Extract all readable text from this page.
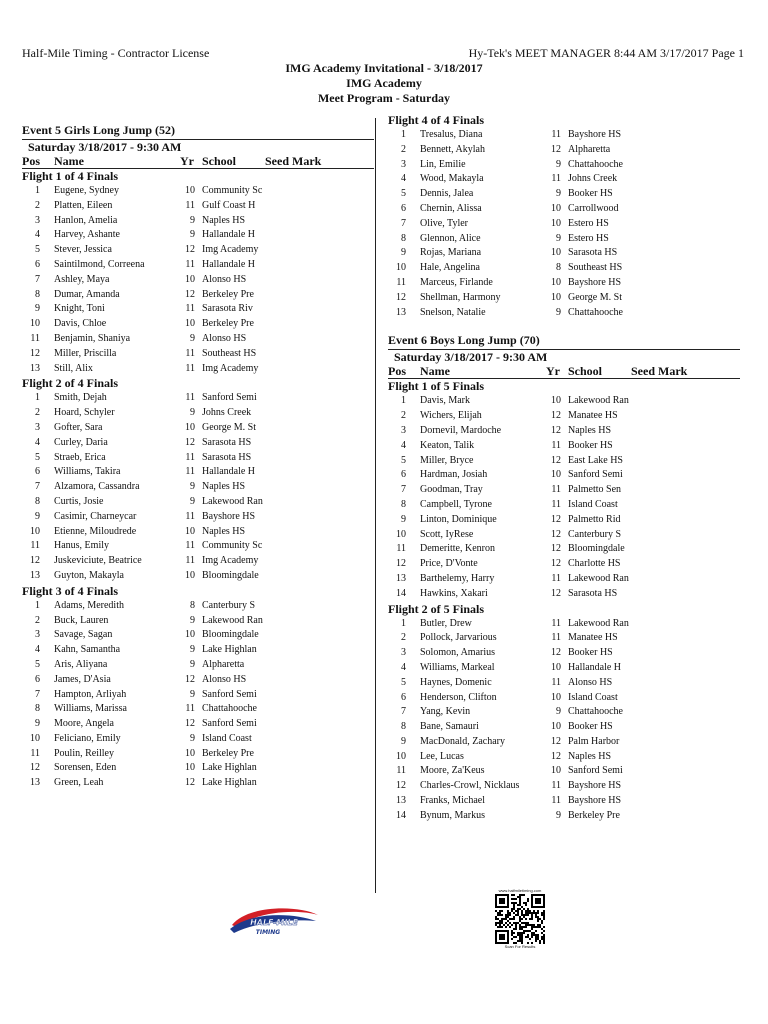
Half-Mile Timing - Contractor License	Hy-Tek's MEET MANAGER 8:44 AM 3/17/2017 Page 1
IMG Academy Invitational - 3/18/2017
IMG Academy
Meet Program - Saturday
Event 5 Girls Long Jump (52)
Saturday 3/18/2017 - 9:30 AM
Pos Name	Yr School Seed Mark
Flight 1 of 4 Finals
1 Eugene, Sydney	10 Community Sc
2 Platten, Eileen	11 Gulf Coast H
3 Hanlon, Amelia	9 Naples HS
4 Harvey, Ashante	9 Hallandale H
5 Stever, Jessica	12 Img Academy
6 Saintilmond, Correena	11 Hallandale H
7 Ashley, Maya	10 Alonso HS
8 Dumar, Amanda	12 Berkeley Pre
9 Knight, Toni	11 Sarasota Riv
10 Davis, Chloe	10 Berkeley Pre
11 Benjamin, Shaniya	9 Alonso HS
12 Miller, Priscilla	11 Southeast HS
13 Still, Alix	11 Img Academy
Flight 2 of 4 Finals
1 Smith, Dejah	11 Sanford Semi
2 Hoard, Schyler	9 Johns Creek
3 Gofter, Sara	10 George M. St
4 Curley, Daria	12 Sarasota HS
5 Straeb, Erica	11 Sarasota HS
6 Williams, Takira	11 Hallandale H
7 Alzamora, Cassandra	9 Naples HS
8 Curtis, Josie	9 Lakewood Ran
9 Casimir, Charneycar	11 Bayshore HS
10 Etienne, Miloudrede	10 Naples HS
11 Hanus, Emily	11 Community Sc
12 Juskeviciute, Beatrice	11 Img Academy
13 Guyton, Makayla	10 Bloomingdale
Flight 3 of 4 Finals
1 Adams, Meredith	8 Canterbury S
2 Buck, Lauren	9 Lakewood Ran
3 Savage, Sagan	10 Bloomingdale
4 Kahn, Samantha	9 Lake Highlan
5 Aris, Aliyana	9 Alpharetta
6 James, D'Asia	12 Alonso HS
7 Hampton, Arliyah	9 Sanford Semi
8 Williams, Marissa	11 Chattahooche
9 Moore, Angela	12 Sanford Semi
10 Feliciano, Emily	9 Island Coast
11 Poulin, Reilley	10 Berkeley Pre
12 Sorensen, Eden	10 Lake Highlan
13 Green, Leah	12 Lake Highlan
Flight 4 of 4 Finals
1 Tresalus, Diana	11 Bayshore HS
2 Bennett, Akylah	12 Alpharetta
3 Lin, Emilie	9 Chattahooche
4 Wood, Makayla	11 Johns Creek
5 Dennis, Jalea	9 Booker HS
6 Chernin, Alissa	10 Carrollwood
7 Olive, Tyler	10 Estero HS
8 Glennon, Alice	9 Estero HS
9 Rojas, Mariana	10 Sarasota HS
10 Hale, Angelina	8 Southeast HS
11 Marceus, Firlande	10 Bayshore HS
12 Shellman, Harmony	10 George M. St
13 Snelson, Natalie	9 Chattahooche
Event 6 Boys Long Jump (70)
Saturday 3/18/2017 - 9:30 AM
Pos Name	Yr School Seed Mark
Flight 1 of 5 Finals
1 Davis, Mark	10 Lakewood Ran
2 Wichers, Elijah	12 Manatee HS
3 Dornevil, Mardoche	12 Naples HS
4 Keaton, Talik	11 Booker HS
5 Miller, Bryce	12 East Lake HS
6 Hardman, Josiah	10 Sanford Semi
7 Goodman, Tray	11 Palmetto Sen
8 Campbell, Tyrone	11 Island Coast
9 Linton, Dominique	12 Palmetto Rid
10 Scott, IyRese	12 Canterbury S
11 Demeritte, Kenron	12 Bloomingdale
12 Price, D'Vonte	12 Charlotte HS
13 Barthelemy, Harry	11 Lakewood Ran
14 Hawkins, Xakari	12 Sarasota HS
Flight 2 of 5 Finals
1 Butler, Drew	11 Lakewood Ran
2 Pollock, Jarvarious	11 Manatee HS
3 Solomon, Amarius	12 Booker HS
4 Williams, Markeal	10 Hallandale H
5 Haynes, Domenic	11 Alonso HS
6 Henderson, Clifton	10 Island Coast
7 Yang, Kevin	9 Chattahooche
8 Bane, Samauri	10 Booker HS
9 MacDonald, Zachary	12 Palm Harbor
10 Lee, Lucas	12 Naples HS
11 Moore, Za'Keus	10 Sanford Semi
12 Charles-Crowl, Nicklaus	11 Bayshore HS
13 Franks, Michael	11 Bayshore HS
14 Bynum, Markus	9 Berkeley Pre
HALF-MILE
TIMING
www.halfmiletiming.com
Scan For Results
